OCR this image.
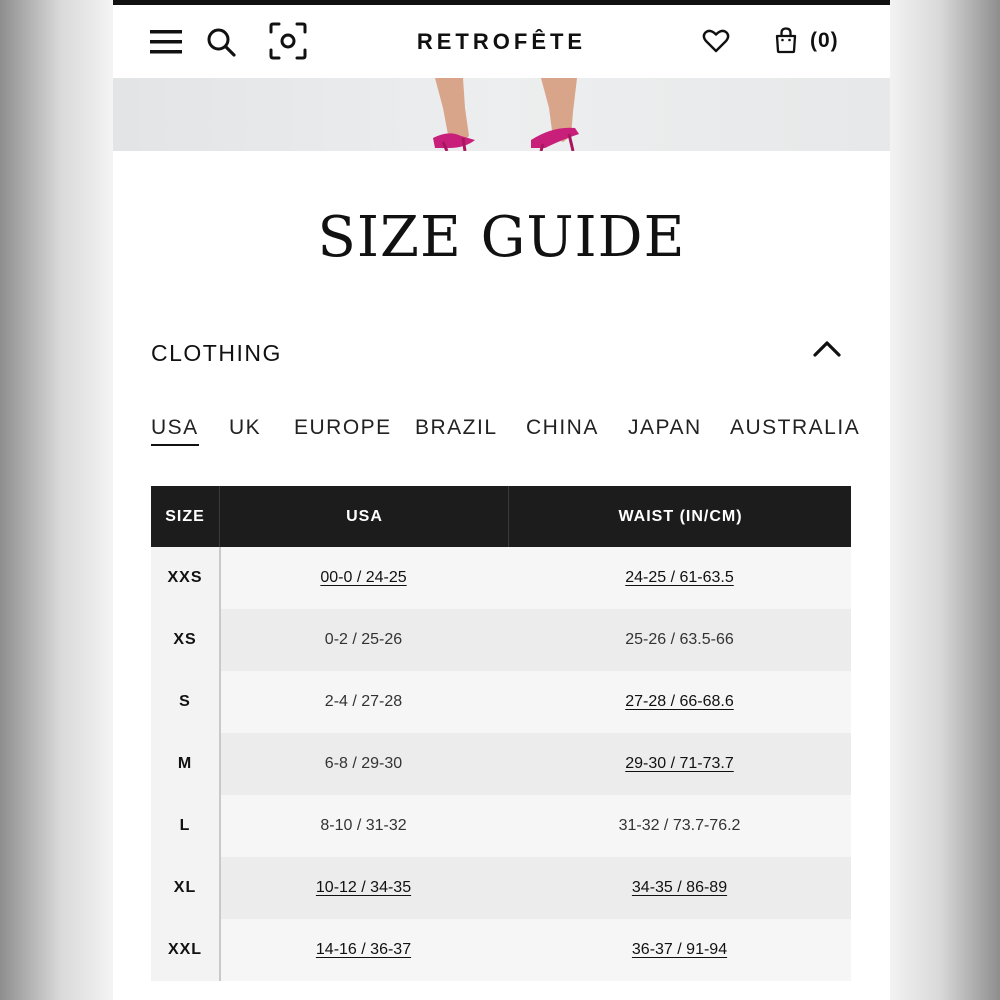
RETROFÊTE	(0)
SIZE GUIDE
CLOTHING
USA UK EUROPE BRAZIL CHINA JAPAN AUSTRALIA
SIZE	USA	WAIST (IN/CM)
XXS	00-0 / 24-25	24-25 / 61-63.5
XS	0-2 / 25-26	25-26 / 63.5-66
S	2-4 / 27-28	27-28 / 66-68.6
M	6-8 / 29-30	29-30 / 71-73.7
L	8-10 / 31-32	31-32 / 73.7-76.2
XL	10-12 / 34-35	34-35 / 86-89
XXL	14-16 / 36-37	36-37 / 91-94
